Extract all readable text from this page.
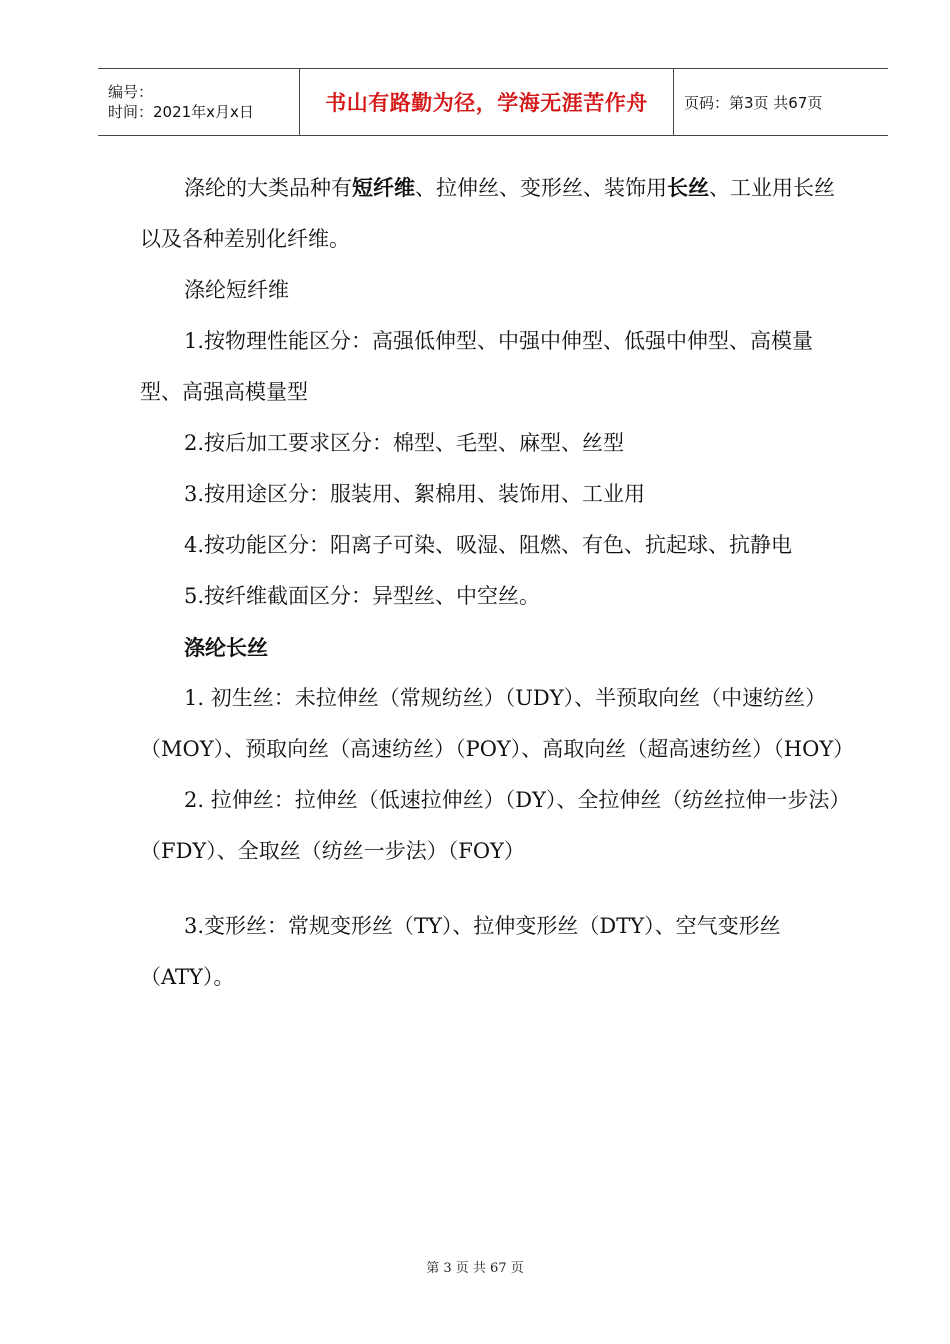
编号：
时间：2021年x月x日	书山有路勤为径，学海无涯苦作舟 页码：第3页 共67页

涤纶的大类品种有短纤维、拉伸丝、变形丝、装饰用长丝、工业用长丝以及各种差别化纤维。

涤纶短纤维

1.按物理性能区分：高强低伸型、中强中伸型、低强中伸型、高模量型、高强高模量型

2.按后加工要求区分：棉型、毛型、麻型、丝型

3.按用途区分：服装用、絮棉用、装饰用、工业用

4.按功能区分：阳离子可染、吸湿、阻燃、有色、抗起球、抗静电

5.按纤维截面区分：异型丝、中空丝。

涤纶长丝

1. 初生丝：未拉伸丝（常规纺丝）（UDY）、半预取向丝（中速纺丝）（MOY）、预取向丝（高速纺丝）（POY）、高取向丝（超高速纺丝）（HOY）

2. 拉伸丝：拉伸丝（低速拉伸丝）（DY）、全拉伸丝（纺丝拉伸一步法）（FDY）、全取丝（纺丝一步法）（FOY）

3.变形丝：常规变形丝（TY）、拉伸变形丝（DTY）、空气变形丝（ATY）。

第 3 页 共 67 页
